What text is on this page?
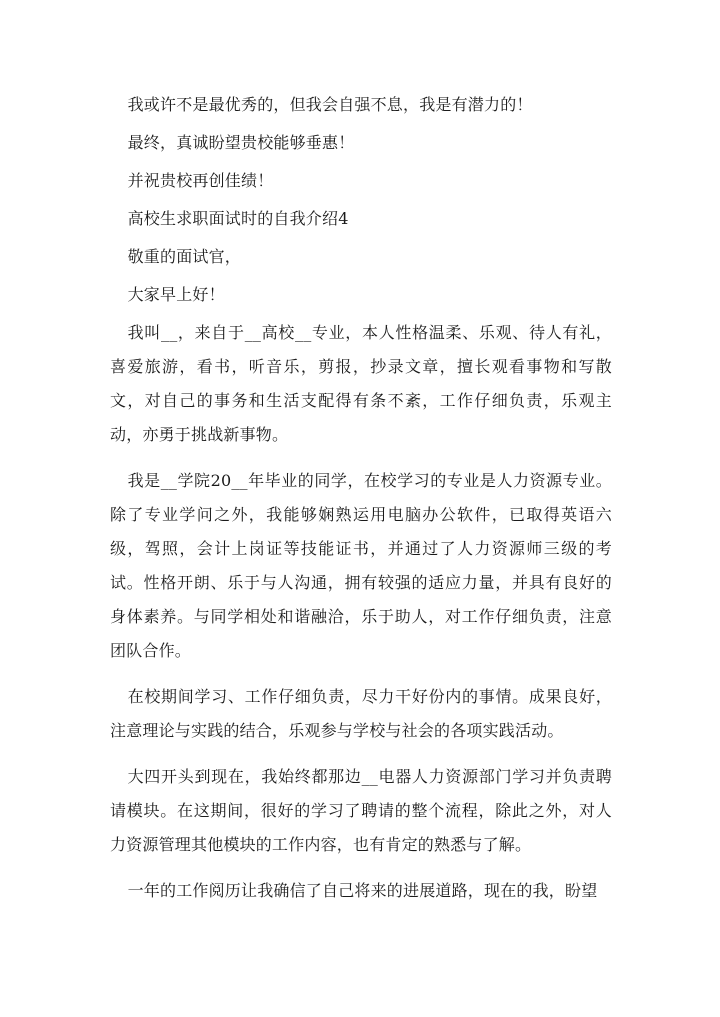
我或许不是最优秀的，但我会自强不息，我是有潜力的！

最终，真诚盼望贵校能够垂惠！

并祝贵校再创佳绩！

高校生求职面试时的自我介绍4

敬重的面试官，

大家早上好！

我叫__，来自于__高校__专业，本人性格温柔、乐观、待人有礼，喜爱旅游，看书，听音乐，剪报，抄录文章，擅长观看事物和写散文，对自己的事务和生活支配得有条不紊，工作仔细负责，乐观主动，亦勇于挑战新事物。

我是__学院20__年毕业的同学，在校学习的专业是人力资源专业。除了专业学问之外，我能够娴熟运用电脑办公软件，已取得英语六级，驾照，会计上岗证等技能证书，并通过了人力资源师三级的考试。性格开朗、乐于与人沟通，拥有较强的适应力量，并具有良好的身体素养。与同学相处和谐融洽，乐于助人，对工作仔细负责，注意团队合作。

在校期间学习、工作仔细负责，尽力干好份内的事情。成果良好，注意理论与实践的结合，乐观参与学校与社会的各项实践活动。

大四开头到现在，我始终都那边__电器人力资源部门学习并负责聘请模块。在这期间，很好的学习了聘请的整个流程，除此之外，对人力资源管理其他模块的工作内容，也有肯定的熟悉与了解。

一年的工作阅历让我确信了自己将来的进展道路，现在的我，盼望
